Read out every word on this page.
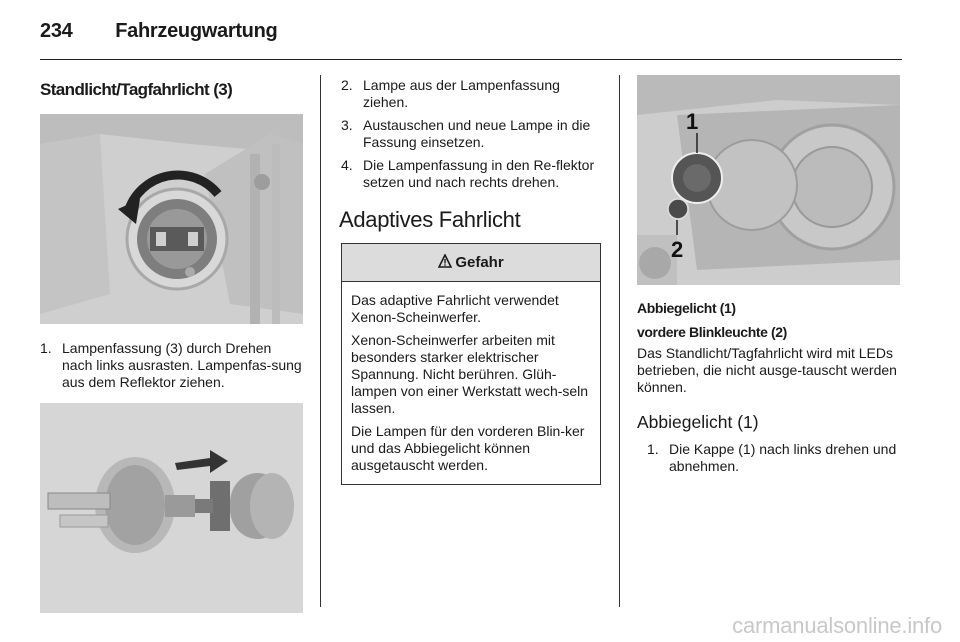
234 Fahrzeugwartung
Standlicht/Tagfahrlicht (3)
1. Lampenfassung (3) durch Drehen nach links ausrasten. Lampenfas-sung aus dem Reflektor ziehen.
2. Lampe aus der Lampenfassung ziehen.
3. Austauschen und neue Lampe in die Fassung einsetzen.
4. Die Lampenfassung in den Re-flektor setzen und nach rechts drehen.
Adaptives Fahrlicht
Gefahr

Das adaptive Fahrlicht verwendet Xenon-Scheinwerfer.

Xenon-Scheinwerfer arbeiten mit besonders starker elektrischer Spannung. Nicht berühren. Glüh-lampen von einer Werkstatt wech-seln lassen.

Die Lampen für den vorderen Blin-ker und das Abbiegelicht können ausgetauscht werden.

1
2
Abbiegelicht (1)
vordere Blinkleuchte (2)

Das Standlicht/Tagfahrlicht wird mit LEDs betrieben, die nicht ausge-tauscht werden können.

Abbiegelicht (1)
1. Die Kappe (1) nach links drehen und abnehmen.
carmanualsonline.info
